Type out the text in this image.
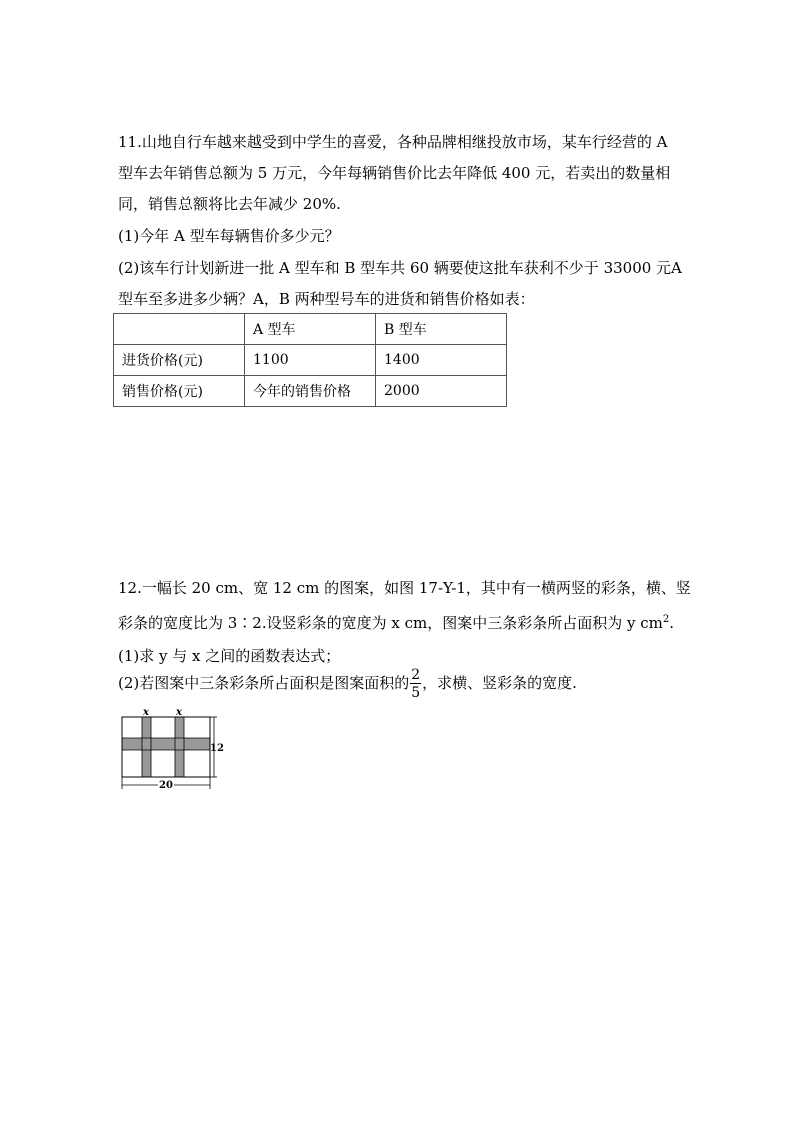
11.山地自行车越来越受到中学生的喜爱，各种品牌相继投放市场，某车行经营的 A
型车去年销售总额为 5 万元，今年每辆销售价比去年降低 400 元，若卖出的数量相
同，销售总额将比去年减少 20%.
(1)今年 A 型车每辆售价多少元？
(2)该车行计划新进一批 A 型车和 B 型车共 60 辆要使这批车获利不少于 33000 元A
型车至多进多少辆？A，B 两种型号车的进货和销售价格如表：
	A 型车	B 型车
进货价格(元)	1100	1400
销售价格(元)	今年的销售价格	2000
12.一幅长 20 cm、宽 12 cm 的图案，如图 17-Y-1，其中有一横两竖的彩条，横、竖
彩条的宽度比为 3∶2.设竖彩条的宽度为 x cm，图案中三条彩条所占面积为 y $cm^2$.
(1)求 y 与 x 之间的函数表达式；
(2)若图案中三条彩条所占面积是图案面积的 $\frac{2}{5}$ ，求横、竖彩条的宽度.
x	x
12
20
